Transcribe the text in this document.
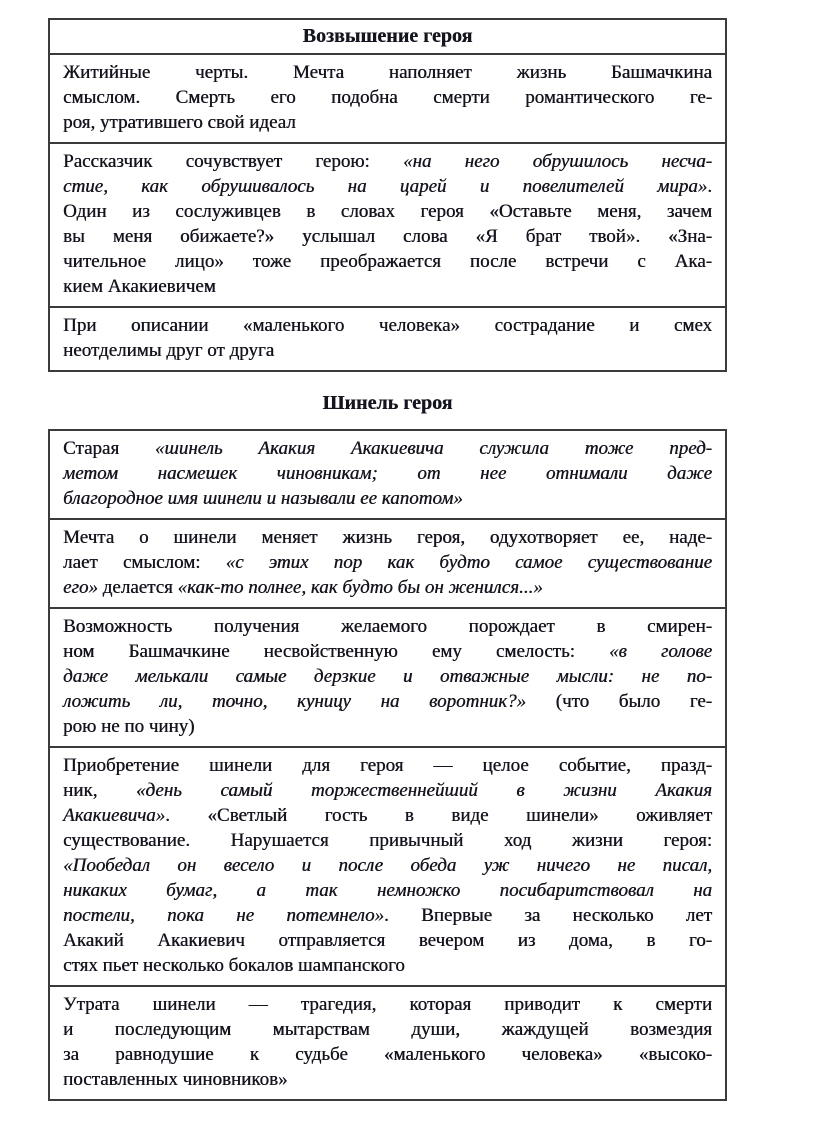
Возвышение героя

Житийные черты. Мечта наполняет жизнь Башмачкина
смыслом. Смерть его подобна смерти романтического ге-
роя, утратившего свой идеал

Рассказчик сочувствует герою: «на него обрушилось несча-
стие, как обрушивалось на царей и повелителей мира».
Один из сослуживцев в словах героя «Оставьте меня, зачем
вы меня обижаете?» услышал слова «Я брат твой». «Зна-
чительное лицо» тоже преображается после встречи с Ака-
кием Акакиевичем

При описании «маленького человека» сострадание и смех
неотделимы друг от друга
Шинель героя
Старая «шинель Акакия Акакиевича служила тоже пред-
метом насмешек чиновникам; от нее отнимали даже
благородное имя шинели и называли ее капотом»

Мечта о шинели меняет жизнь героя, одухотворяет ее, наде-
лает смыслом: «с этих пор как будто самое существование
его» делается «как-то полнее, как будто бы он женился...»

Возможность получения желаемого порождает в смирен-
ном Башмачкине несвойственную ему смелость: «в голове
даже мелькали самые дерзкие и отважные мысли: не по-
ложить ли, точно, куницу на воротник?» (что было ге-
рою не по чину)

Приобретение шинели для героя — целое событие, празд-
ник, «день самый торжественнейший в жизни Акакия
Акакиевича». «Светлый гость в виде шинели» оживляет
существование. Нарушается привычный ход жизни героя:
«Пообедал он весело и после обеда уж ничего не писал,
никаких бумаг, а так немножко посибаритствовал на
постели, пока не потемнело». Впервые за несколько лет
Акакий Акакиевич отправляется вечером из дома, в го-
стях пьет несколько бокалов шампанского

Утрата шинели — трагедия, которая приводит к смерти
и последующим мытарствам души, жаждущей возмездия
за равнодушие к судьбе «маленького человека» «высоко-
поставленных чиновников»
